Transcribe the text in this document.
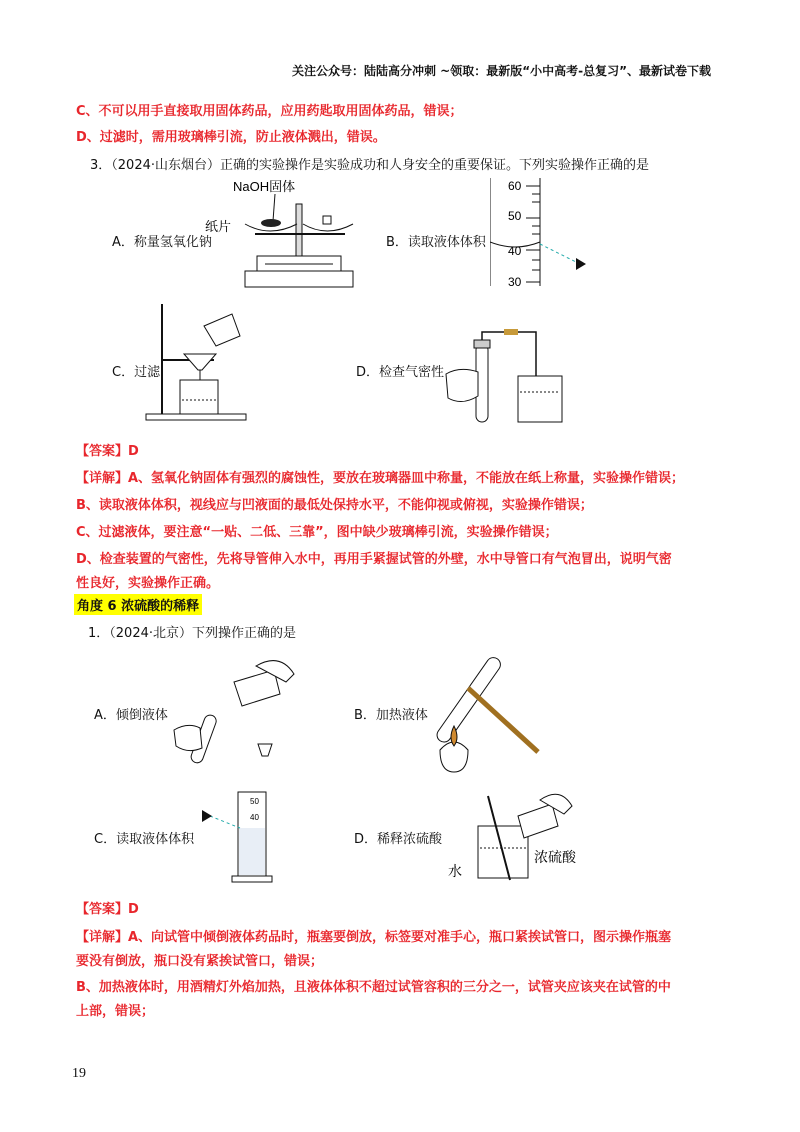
关注公众号：陆陆高分冲刺 ~领取：最新版“小中高考-总复习”、最新试卷下载
C、不可以用手直接取用固体药品，应用药匙取用固体药品，错误；
D、过滤时，需用玻璃棒引流，防止液体溅出，错误。
3．（2024·山东烟台）正确的实验操作是实验成功和人身安全的重要保证。下列实验操作正确的是
A．称量氢氧化钠	B．读取液体体积
C．过滤	D．检查气密性
NaOH固体
纸片
60
50
40
30
【答案】D
【详解】A、氢氧化钠固体有强烈的腐蚀性，要放在玻璃器皿中称量，不能放在纸上称量，实验操作错误；
B、读取液体体积，视线应与凹液面的最低处保持水平，不能仰视或俯视，实验操作错误；
C、过滤液体，要注意“一贴、二低、三靠”，图中缺少玻璃棒引流，实验操作错误；
D、检查装置的气密性，先将导管伸入水中，再用手紧握试管的外壁，水中导管口有气泡冒出，说明气密
性良好，实验操作正确。
角度 6 浓硫酸的稀释
1．（2024·北京）下列操作正确的是
A．倾倒液体	B．加热液体
C．读取液体体积	D．稀释浓硫酸
50
40
水
浓硫酸
【答案】D
【详解】A、向试管中倾倒液体药品时，瓶塞要倒放，标签要对准手心，瓶口紧挨试管口，图示操作瓶塞
要没有倒放，瓶口没有紧挨试管口，错误；
B、加热液体时，用酒精灯外焰加热，且液体体积不超过试管容积的三分之一，试管夹应该夹在试管的中
上部，错误；
19
